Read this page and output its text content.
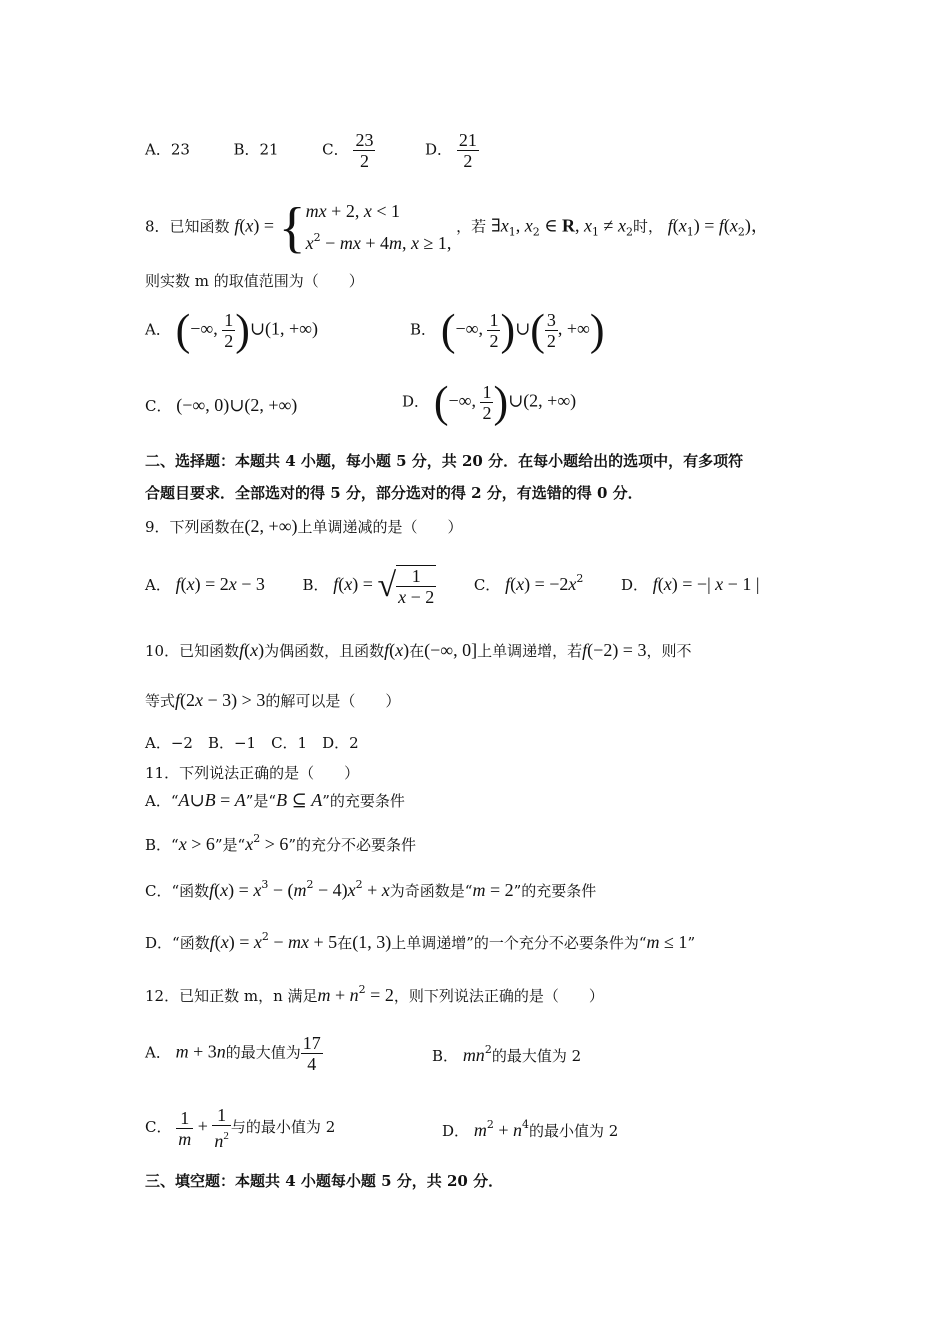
A．23	B．21	C． $\frac{23}{2}$	D． $\frac{21}{2}$
8．已知函数 f(x) = {mx + 2, x < 1
$x^2$ − mx + 4m, x ≥ 1, ，若 $\exists x_1$, $x_2$ ∈ R, $x_1 \ne x_2$时， $f(x_1) = f(x_2)$，
则实数 m 的取值范围为（　　）
A． (−∞, $\frac{1}{2}$ )∪(1, +∞)	B． (−∞, $\frac{1}{2}$ )∪( $\frac{3}{2}$ , +∞)
C． (−∞, 0)∪(2, +∞)	D． (−∞, $\frac{1}{2}$ )∪(2, +∞)
二、选择题：本题共 4 小题，每小题 5 分，共 20 分．在每小题给出的选项中，有多项符
合题目要求．全部选对的得 5 分，部分选对的得 2 分，有选错的得 0 分．
9．下列函数在(2, +∞)上单调递减的是（　　）
A． f(x) = 2x − 3  B． f(x) = √ $\frac{1}{x - 2}$ C． $f(x) = -2x^2$  D． f(x) = −| x − 1 |
10．已知函数f(x)为偶函数，且函数f(x)在(−∞, 0]上单调递增，若f(−2) = 3，则不
等式f(2x − 3) > 3的解可以是（　　）
A．−2　B．−1　C．1　D．2
11．下列说法正确的是（　　）
A．“A∪B = A”是“B ⊆ A”的充要条件
B．“x > 6”是“$x^2 > 6$”的充分不必要条件
C．“函数$f(x) = x^3 - (m^2 - 4)x^2 + x$为奇函数是“m = 2”的充要条件
D．“函数$f(x) = x^2$ − mx + 5在(1, 3)上单调递增”的一个充分不必要条件为“m ≤ 1”
12．已知正数 m，n 满足$m + n^2 = 2$，则下列说法正确的是（　　）
A． m + 3n的最大值为 $\frac{17}{4}$	B． $mn^2$的最大值为 2
C． $\frac{1}{m} + \frac{1}{n^2}$ 与的最小值为 2	D． $m^2 + n^4$的最小值为 2
三、填空题：本题共 4 小题每小题 5 分，共 20 分．
